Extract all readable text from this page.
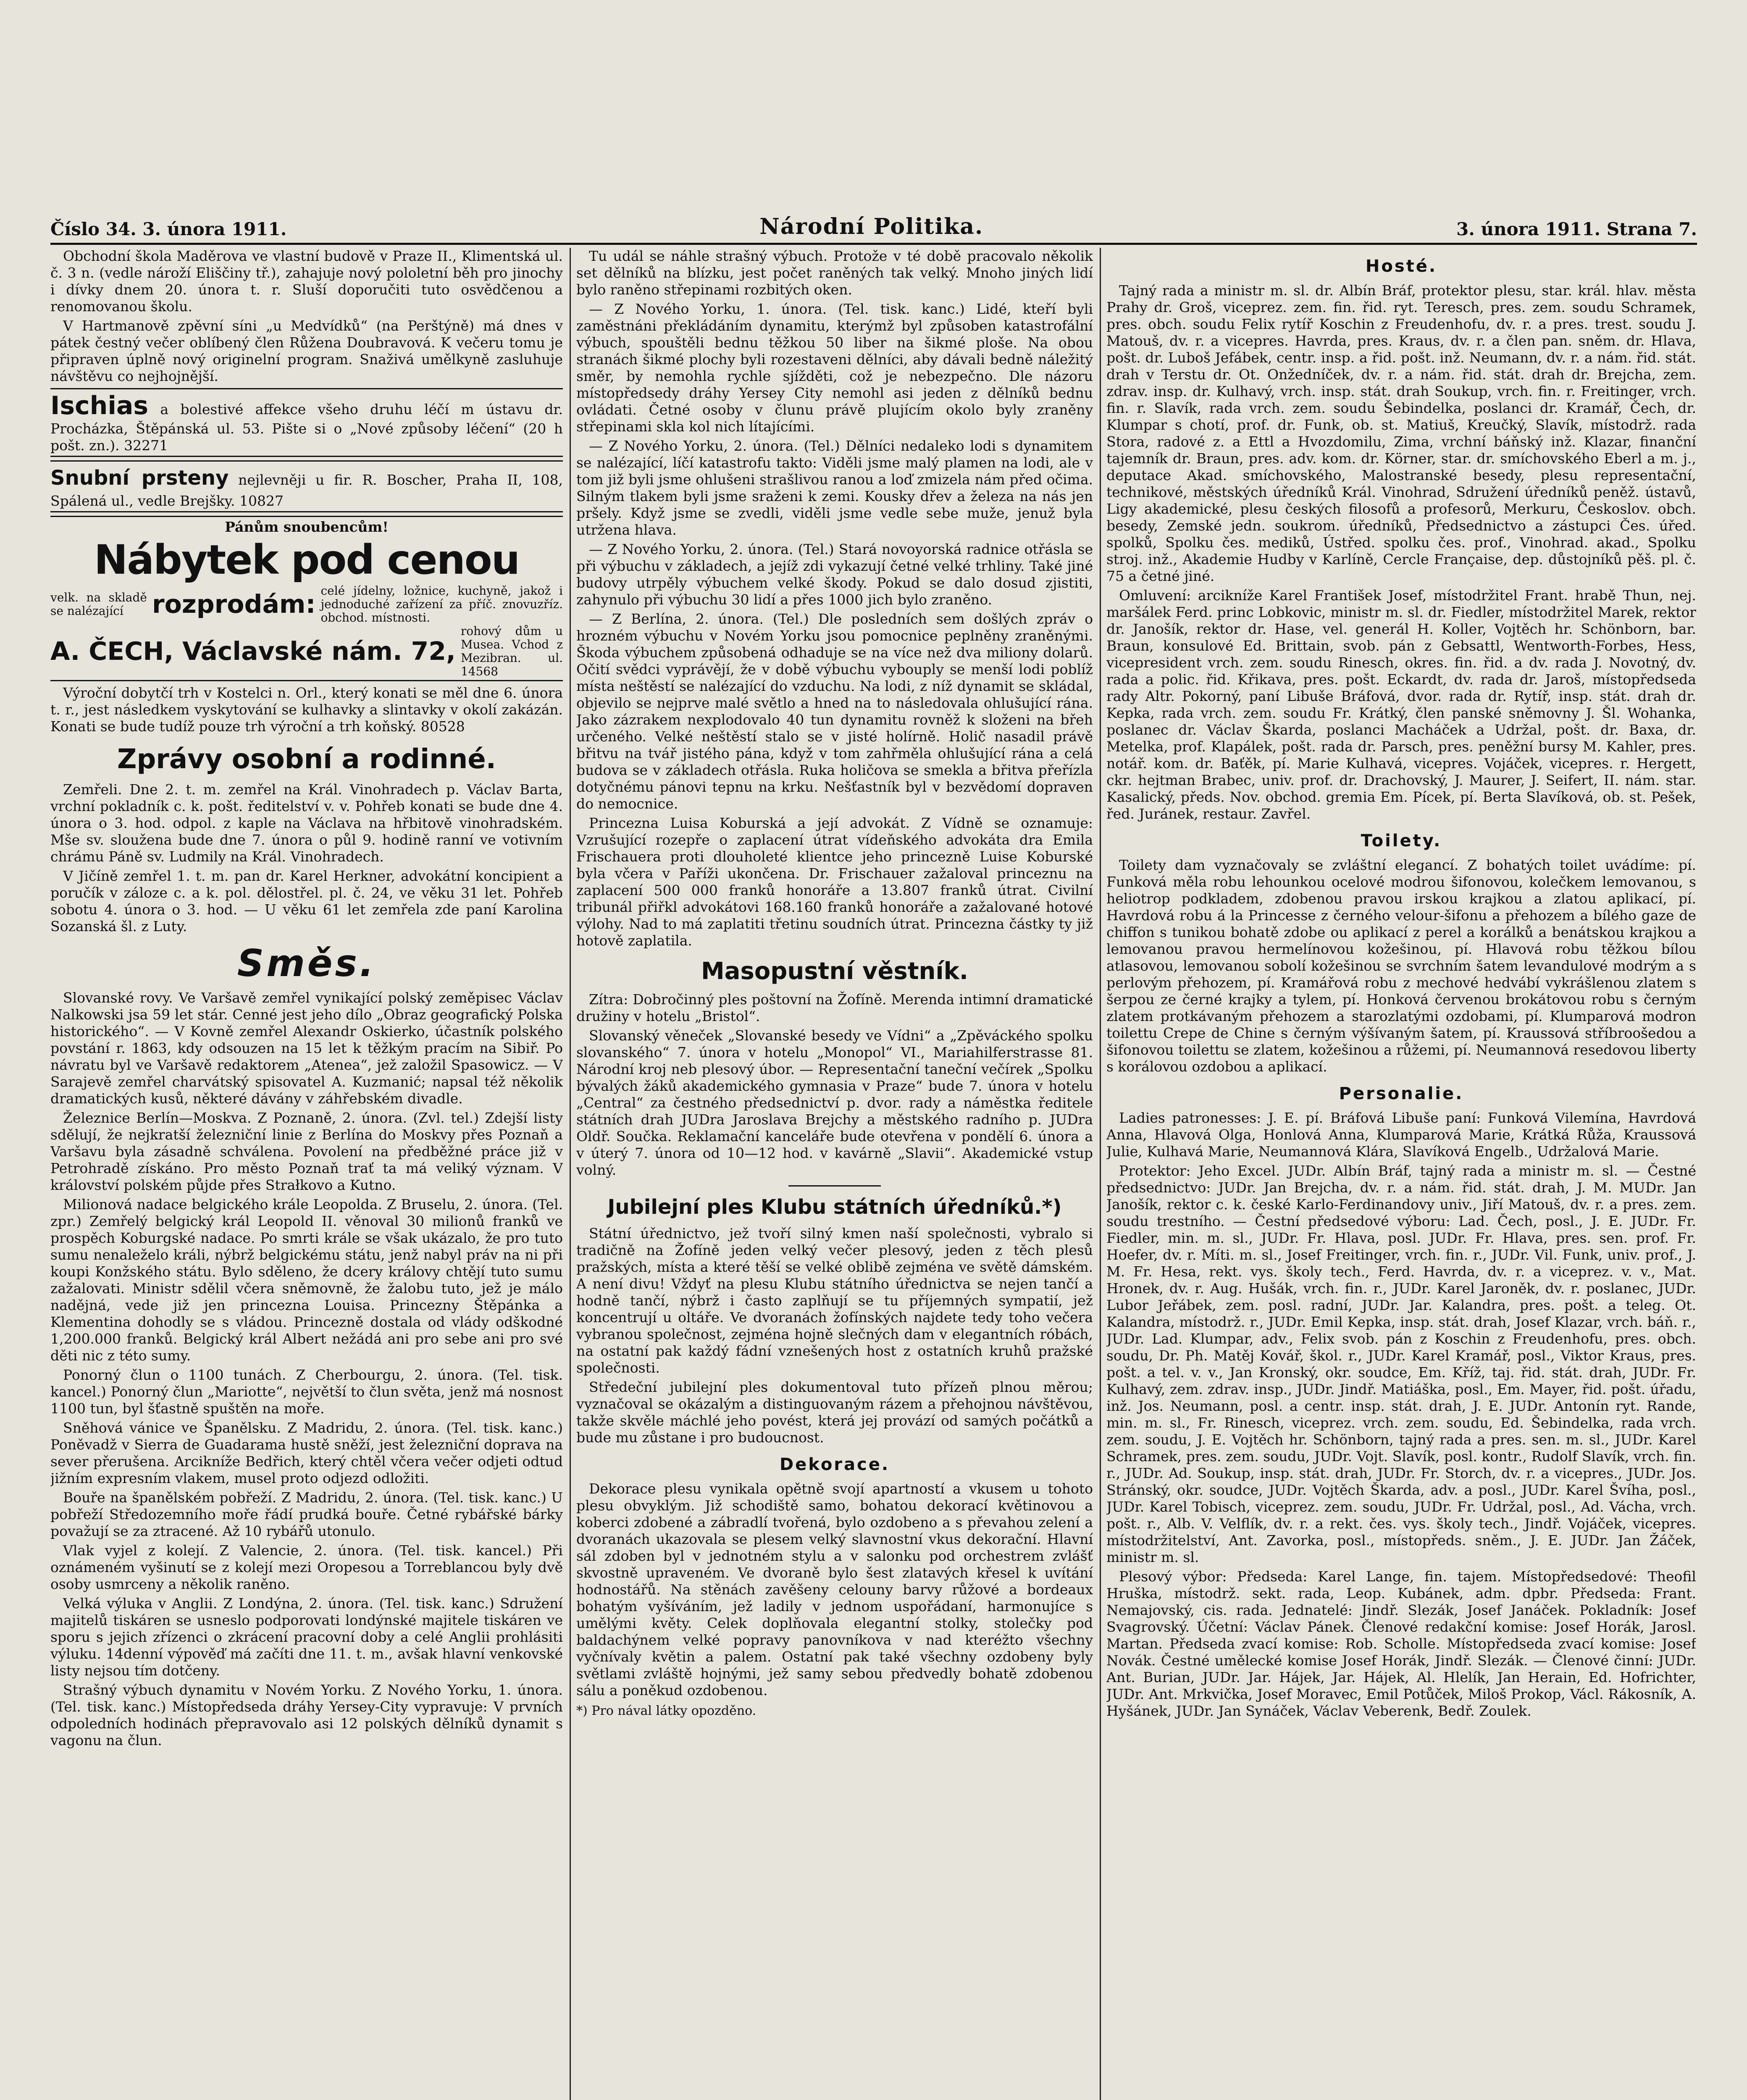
Číslo 34. 3. února 1911.	Národní Politika.	3. února 1911. Strana 7.

Obchodní škola Maděrova ve vlastní budově v Praze II., Klimentská ul. č. 3 n. (vedle nároží Eliščiny tř.), zahajuje nový pololetní běh pro jinochy i dívky dnem 20. února t. r. Sluší doporučiti tuto osvědčenou a renomovanou školu.

V Hartmanově zpěvní síni „u Medvídků“ (na Perštýně) má dnes v pátek čestný večer oblíbený člen Růžena Doubravová. K večeru tomu je připraven úplně nový originelní program. Snaživá umělkyně zasluhuje návštěvu co nejhojnější.

Ischias a bolestivé affekce všeho druhu léčí m ústavu dr. Procházka, Štěpánská ul. 53. Pište si o „Nové způsoby léčení“ (20 h pošt. zn.). 32271
Snubní prsteny nejlevněji u fir. R. Boscher, Praha II, 108, Spálená ul., vedle Brejšky. 10827
Pánům snoubencům!
Nábytek pod cenou
velk. na skladě se nalézající	rozprodám: celé jídelny, ložnice, kuchyně, jakož i jednoduché zařízení za příč. znovuzříz. obchod. místnosti.
A. ČECH, Václavské nám. 72,
rohový dům u Musea. Vchod z Mezibran. ul. 14568

Výroční dobytčí trh v Kostelci n. Orl., který konati se měl dne 6. února t. r., jest následkem vyskytování se kulhavky a slintavky v okolí zakázán. Konati se bude tudíž pouze trh výroční a trh koňský. 80528

Zprávy osobní a rodinné.

Zemřeli. Dne 2. t. m. zemřel na Král. Vinohradech p. Václav Barta, vrchní pokladník c. k. pošt. ředitelství v. v. Pohřeb konati se bude dne 4. února o 3. hod. odpol. z kaple na Václava na hřbitově vinohradském. Mše sv. sloužena bude dne 7. února o půl 9. hodině ranní ve votivním chrámu Páně sv. Ludmily na Král. Vinohradech.

V Jičíně zemřel 1. t. m. pan dr. Karel Herkner, advokátní koncipient a poručík v záloze c. a k. pol. dělostřel. pl. č. 24, ve věku 31 let. Pohřeb sobotu 4. února o 3. hod. — U věku 61 let zemřela zde paní Karolina Sozanská šl. z Luty.

Směs.

Slovanské rovy. Ve Varšavě zemřel vynikající polský zeměpisec Václav Nalkowski jsa 59 let stár. Cenné jest jeho dílo „Obraz geografický Polska historického“. — V Kovně zemřel Alexandr Oskierko, účastník polského povstání r. 1863, kdy odsouzen na 15 let k těžkým pracím na Sibiř. Po návratu byl ve Varšavě redaktorem „Atenea“, jež založil Spasowicz. — V Sarajevě zemřel charvátský spisovatel A. Kuzmanić; napsal též několik dramatických kusů, některé dávány v záhřebském divadle.

Železnice Berlín—Moskva. Z Poznaně, 2. února. (Zvl. tel.) Zdejší listy sdělují, že nejkratší železniční linie z Berlína do Moskvy přes Poznaň a Varšavu byla zásadně schválena. Povolení na předběžné práce již v Petrohradě získáno. Pro město Poznaň trať ta má veliký význam. V království polském půjde přes Strałkovo a Kutno.

Milionová nadace belgického krále Leopolda. Z Bruselu, 2. února. (Tel. zpr.) Zemřelý belgický král Leopold II. věnoval 30 milionů franků ve prospěch Koburgské nadace. Po smrti krále se však ukázalo, že pro tuto sumu nenaleželo králi, nýbrž belgickému státu, jenž nabyl práv na ni při koupi Konžského státu. Bylo sděleno, že dcery královy chtějí tuto sumu zažalovati. Ministr sdělil včera sněmovně, že žalobu tuto, jež je málo nadějná, vede již jen princezna Louisa. Princezny Štěpánka a Klementina dohodly se s vládou. Princezně dostala od vlády odškodné 1,200.000 franků. Belgický král Albert nežádá ani pro sebe ani pro své děti nic z této sumy.

Ponorný člun o 1100 tunách. Z Cherbourgu, 2. února. (Tel. tisk. kancel.) Ponorný člun „Mariotte“, největší to člun světa, jenž má nosnost 1100 tun, byl šťastně spuštěn na moře.

Sněhová vánice ve Španělsku. Z Madridu, 2. února. (Tel. tisk. kanc.) Poněvadž v Sierra de Guadarama hustě sněží, jest železniční doprava na sever přerušena. Arcikníže Bedřich, který chtěl včera večer odjeti odtud jižním expresním vlakem, musel proto odjezd odložiti.

Bouře na španělském pobřeží. Z Madridu, 2. února. (Tel. tisk. kanc.) U pobřeží Středozemního moře řádí prudká bouře. Četné rybářské bárky považují se za ztracené. Až 10 rybářů utonulo.

Vlak vyjel z kolejí. Z Valencie, 2. února. (Tel. tisk. kancel.) Při oznámeném vyšinutí se z kolejí mezi Oropesou a Torreblancou byly dvě osoby usmrceny a několik raněno.

Velká výluka v Anglii. Z Londýna, 2. února. (Tel. tisk. kanc.) Sdružení majitelů tiskáren se usneslo podporovati londýnské majitele tiskáren ve sporu s jejich zřízenci o zkrácení pracovní doby a celé Anglii prohlásiti výluku. 14denní výpověď má začíti dne 11. t. m., avšak hlavní venkovské listy nejsou tím dotčeny.

Strašný výbuch dynamitu v Novém Yorku. Z Nového Yorku, 1. února. (Tel. tisk. kanc.) Místopředseda dráhy Yersey-City vypravuje: V prvních odpoledních hodinách přepravovalo asi 12 polských dělníků dynamit s vagonu na člun.

Tu udál se náhle strašný výbuch. Protože v té době pracovalo několik set dělníků na blízku, jest počet raněných tak velký. Mnoho jiných lidí bylo raněno střepinami rozbitých oken.

— Z Nového Yorku, 1. února. (Tel. tisk. kanc.) Lidé, kteří byli zaměstnáni překládáním dynamitu, kterýmž byl způsoben katastrofální výbuch, spouštěli bednu těžkou 50 liber na šikmé ploše. Na obou stranách šikmé plochy byli rozestaveni dělníci, aby dávali bedně náležitý směr, by nemohla rychle sjížděti, což je nebezpečno. Dle názoru místopředsedy dráhy Yersey City nemohl asi jeden z dělníků bednu ovládati. Četné osoby v člunu právě plujícím okolo byly zraněny střepinami skla kol nich lítajícími.

— Z Nového Yorku, 2. února. (Tel.) Dělníci nedaleko lodi s dynamitem se nalézající, líčí katastrofu takto: Viděli jsme malý plamen na lodi, ale v tom již byli jsme ohlušeni strašlivou ranou a loď zmizela nám před očima. Silným tlakem byli jsme sraženi k zemi. Kousky dřev a železa na nás jen pršely. Když jsme se zvedli, viděli jsme vedle sebe muže, jenuž byla utržena hlava.

— Z Nového Yorku, 2. února. (Tel.) Stará novoyorská radnice otřásla se při výbuchu v základech, a jejíž zdi vykazují četné velké trhliny. Také jiné budovy utrpěly výbuchem velké škody. Pokud se dalo dosud zjistiti, zahynulo při výbuchu 30 lidí a přes 1000 jich bylo zraněno.

— Z Berlína, 2. února. (Tel.) Dle posledních sem došlých zpráv o hrozném výbuchu v Novém Yorku jsou pomocnice peplněny zraněnými. Škoda výbuchem způsobená odhaduje se na více než dva miliony dolarů. Očití svědci vyprávějí, že v době výbuchu vybouply se menší lodi poblíž místa neštěstí se nalézající do vzduchu. Na lodi, z níž dynamit se skládal, objevilo se nejprve malé světlo a hned na to následovala ohlušující rána. Jako zázrakem nexplodovalo 40 tun dynamitu rovněž k složeni na břeh určeného. Velké neštěstí stalo se v jisté holírně. Holič nasadil právě břitvu na tvář jistého pána, když v tom zahřměla ohlušující rána a celá budova se v základech otřásla. Ruka holičova se smekla a břitva přeřízla dotyčnému pánovi tepnu na krku. Nešťastník byl v bezvědomí dopraven do nemocnice.

Princezna Luisa Koburská a její advokát. Z Vídně se oznamuje: Vzrušující rozepře o zaplacení útrat vídeňského advokáta dra Emila Frischauera proti dlouholeté klientce jeho princezně Luise Koburské byla včera v Paříži ukončena. Dr. Frischauer zažaloval princeznu na zaplacení 500 000 franků honoráře a 13.807 franků útrat. Civilní tribunál přiřkl advokátovi 168.160 franků honoráře a zažalované hotové výlohy. Nad to má zaplatiti třetinu soudních útrat. Princezna částky ty již hotově zaplatila.

Masopustní věstník.

Zítra: Dobročinný ples poštovní na Žofíně. Merenda intimní dramatické družiny v hotelu „Bristol“.

Slovanský věneček „Slovanské besedy ve Vídni“ a „Zpěváckého spolku slovanského“ 7. února v hotelu „Monopol“ VI., Mariahilferstrasse 81. Národní kroj neb plesový úbor. — Representační taneční večírek „Spolku bývalých žáků akademického gymnasia v Praze“ bude 7. února v hotelu „Central“ za čestného předsednictví p. dvor. rady a náměstka ředitele státních drah JUDra Jaroslava Brejchy a městského radního p. JUDra Oldř. Součka. Reklamační kanceláře bude otevřena v pondělí 6. února a v úterý 7. února od 10—12 hod. v kavárně „Slavii“. Akademické vstup volný.

Jubilejní ples Klubu státních úředníků.*)

Státní úřednictvo, jež tvoří silný kmen naší společnosti, vybralo si tradičně na Žofíně jeden velký večer plesový, jeden z těch plesů pražských, místa a které těší se velké oblibě zejména ve světě dámském. A není divu! Vždyť na plesu Klubu státního úřednictva se nejen tančí a hodně tančí, nýbrž i často zaplňují se tu příjemných sympatií, jež koncentrují u oltáře. Ve dvoranách žofínských najdete tedy toho večera vybranou společnost, zejména hojně slečných dam v elegantních róbách, na ostatní pak každý fádní vznešených host z ostatních kruhů pražské společnosti.

Středeční jubilejní ples dokumentoval tuto přízeň plnou měrou; vyznačoval se okázalým a distinguovaným rázem a přehojnou návštěvou, takže skvěle máchlé jeho povést, která jej provází od samých počátků a bude mu zůstane i pro budoucnost.

Dekorace.

Dekorace plesu vynikala opětně svojí apartností a vkusem u tohoto plesu obvyklým. Již schodiště samo, bohatou dekorací květinovou a koberci zdobené a zábradlí tvořená, bylo ozdobeno a s převahou zelení a dvoranách ukazovala se plesem velký slavnostní vkus dekorační. Hlavní sál zdoben byl v jednotném stylu a v salonku pod orchestrem zvlášť skvostně upraveném. Ve dvoraně bylo šest zlatavých křesel k uvítání hodnostářů. Na stěnách zavěšeny celouny barvy růžové a bordeaux bohatým vyšíváním, jež ladily v jednom uspořádaní, harmonujíce s umělými květy. Celek doplňovala elegantní stolky, stolečky pod baldachýnem velké popravy panovníkova v nad kteréžto všechny vyčnívaly květin a palem. Ostatní pak také všechny ozdobeny byly světlami zvláště hojnými, jež samy sebou předvedly bohatě zdobenou sálu a poněkud ozdobenou.

*) Pro nával látky opozděno.
Hosté.

Tajný rada a ministr m. sl. dr. Albín Bráf, protektor plesu, star. král. hlav. města Prahy dr. Groš, viceprez. zem. fin. řid. ryt. Teresch, pres. zem. soudu Schramek, pres. obch. soudu Felix rytíř Koschin z Freudenhofu, dv. r. a pres. trest. soudu J. Matouš, dv. r. a vicepres. Havrda, pres. Kraus, dv. r. a člen pan. sněm. dr. Hlava, pošt. dr. Luboš Jefábek, centr. insp. a řid. pošt. inž. Neumann, dv. r. a nám. řid. stát. drah v Terstu dr. Ot. Onžedníček, dv. r. a nám. řid. stát. drah dr. Brejcha, zem. zdrav. insp. dr. Kulhavý, vrch. insp. stát. drah Soukup, vrch. fin. r. Freitinger, vrch. fin. r. Slavík, rada vrch. zem. soudu Šebindelka, poslanci dr. Kramář, Čech, dr. Klumpar s chotí, prof. dr. Funk, ob. st. Matiuš, Kreučký, Slavík, místodrž. rada Stora, radové z. a Ettl a Hvozdomilu, Zima, vrchní báňský inž. Klazar, finanční tajemník dr. Braun, pres. adv. kom. dr. Körner, star. dr. smíchovského Eberl a m. j., deputace Akad. smíchovského, Malostranské besedy, plesu representační, technikové, městských úředníků Král. Vinohrad, Sdružení úředníků peněž. ústavů, Ligy akademické, plesu českých filosofů a profesorů, Merkuru, Českoslov. obch. besedy, Zemské jedn. soukrom. úředníků, Předsednictvo a zástupci Čes. úřed. spolků, Spolku čes. mediků, Ústřed. spolku čes. prof., Vinohrad. akad., Spolku stroj. inž., Akademie Hudby v Karlíně, Cercle Française, dep. důstojníků pěš. pl. č. 75 a četné jiné.

Omluvení: arcikníže Karel František Josef, místodržitel Frant. hrabě Thun, nej. maršálek Ferd. princ Lobkovic, ministr m. sl. dr. Fiedler, místodržitel Marek, rektor dr. Janošík, rektor dr. Hase, vel. generál H. Koller, Vojtěch hr. Schönborn, bar. Braun, konsulové Ed. Brittain, svob. pán z Gebsattl, Wentworth-Forbes, Hess, vicepresident vrch. zem. soudu Rinesch, okres. fin. řid. a dv. rada J. Novotný, dv. rada a polic. řid. Křikava, pres. pošt. Eckardt, dv. rada dr. Jaroš, místopředseda rady Altr. Pokorný, paní Libuše Bráfová, dvor. rada dr. Rytíř, insp. stát. drah dr. Kepka, rada vrch. zem. soudu Fr. Krátký, člen panské sněmovny J. Šl. Wohanka, poslanec dr. Václav Škarda, poslanci Macháček a Udržal, pošt. dr. Baxa, dr. Metelka, prof. Klapálek, pošt. rada dr. Parsch, pres. peněžní bursy M. Kahler, pres. notář. kom. dr. Baťěk, pí. Marie Kulhavá, vicepres. Vojáček, vicepres. r. Hergett, ckr. hejtman Brabec, univ. prof. dr. Drachovský, J. Maurer, J. Seifert, II. nám. star. Kasalický, předs. Nov. obchod. gremia Em. Pícek, pí. Berta Slavíková, ob. st. Pešek, řed. Juránek, restaur. Zavřel.

Toilety.

Toilety dam vyznačovaly se zvláštní elegancí. Z bohatých toilet uvádíme: pí. Funková měla robu lehounkou ocelové modrou šifonovou, kolečkem lemovanou, s heliotrop podkladem, zdobenou pravou irskou krajkou a zlatou aplikací, pí. Havrdová robu á la Princesse z černého velour-šifonu a přehozem a bílého gaze de chiffon s tunikou bohatě zdobe ou aplikací z perel a korálků a benátskou krajkou a lemovanou pravou hermelínovou kožešinou, pí. Hlavová robu těžkou bílou atlasovou, lemovanou sobolí kožešinou se svrchním šatem levandulové modrým a s perlovým přehozem, pí. Kramářová robu z mechové hedvábí vykrášlenou zlatem s šerpou ze černé krajky a tylem, pí. Honková červenou brokátovou robu s černým zlatem protkávaným přehozem a starozlatými ozdobami, pí. Klumparová modron toilettu Crepe de Chine s černým výšívaným šatem, pí. Kraussová stříbroošedou a šifonovou toilettu se zlatem, kožešinou a růžemi, pí. Neumannová resedovou liberty s korálovou ozdobou a aplikací.

Personalie.

Ladies patronesses: J. E. pí. Bráfová Libuše paní: Funková Vilemína, Havrdová Anna, Hlavová Olga, Honlová Anna, Klumparová Marie, Krátká Růža, Kraussová Julie, Kulhavá Marie, Neumannová Klára, Slavíková Engelb., Udržalová Marie.

Protektor: Jeho Excel. JUDr. Albín Bráf, tajný rada a ministr m. sl. — Čestné předsednictvo: JUDr. Jan Brejcha, dv. r. a nám. řid. stát. drah, J. M. MUDr. Jan Janošík, rektor c. k. české Karlo-Ferdinandovy univ., Jiří Matouš, dv. r. a pres. zem. soudu trestního. — Čestní předsedové výboru: Lad. Čech, posl., J. E. JUDr. Fr. Fiedler, min. m. sl., JUDr. Fr. Hlava, posl. JUDr. Fr. Hlava, pres. sen. prof. Fr. Hoefer, dv. r. Míti. m. sl., Josef Freitinger, vrch. fin. r., JUDr. Vil. Funk, univ. prof., J. M. Fr. Hesa, rekt. vys. školy tech., Ferd. Havrda, dv. r. a viceprez. v. v., Mat. Hronek, dv. r. Aug. Hušák, vrch. fin. r., JUDr. Karel Jaroněk, dv. r. poslanec, JUDr. Lubor Jeřábek, zem. posl. radní, JUDr. Jar. Kalandra, pres. pošt. a teleg. Ot. Kalandra, místodrž. r., JUDr. Emil Kepka, insp. stát. drah, Josef Klazar, vrch. báň. r., JUDr. Lad. Klumpar, adv., Felix svob. pán z Koschin z Freudenhofu, pres. obch. soudu, Dr. Ph. Matěj Kovář, škol. r., JUDr. Karel Kramář, posl., Viktor Kraus, pres. pošt. a tel. v. v., Jan Kronský, okr. soudce, Em. Kříž, taj. řid. stát. drah, JUDr. Fr. Kulhavý, zem. zdrav. insp., JUDr. Jindř. Matiáška, posl., Em. Mayer, řid. pošt. úřadu, inž. Jos. Neumann, posl. a centr. insp. stát. drah, J. E. JUDr. Antonín ryt. Rande, min. m. sl., Fr. Rinesch, viceprez. vrch. zem. soudu, Ed. Šebindelka, rada vrch. zem. soudu, J. E. Vojtěch hr. Schönborn, tajný rada a pres. sen. m. sl., JUDr. Karel Schramek, pres. zem. soudu, JUDr. Vojt. Slavík, posl. kontr., Rudolf Slavík, vrch. fin. r., JUDr. Ad. Soukup, insp. stát. drah, JUDr. Fr. Storch, dv. r. a vicepres., JUDr. Jos. Stránský, okr. soudce, JUDr. Vojtěch Škarda, adv. a posl., JUDr. Karel Švíha, posl., JUDr. Karel Tobisch, viceprez. zem. soudu, JUDr. Fr. Udržal, posl., Ad. Vácha, vrch. pošt. r., Alb. V. Velflík, dv. r. a rekt. čes. vys. školy tech., Jindř. Vojáček, vicepres. místodržitelství, Ant. Zavorka, posl., místopředs. sněm., J. E. JUDr. Jan Žáček, ministr m. sl.

Plesový výbor: Předseda: Karel Lange, fin. tajem. Místopředsedové: Theofil Hruška, místodrž. sekt. rada, Leop. Kubánek, adm. dpbr. Předseda: Frant. Nemajovský, cis. rada. Jednatelé: Jindř. Slezák, Josef Janáček. Pokladník: Josef Svagrovský. Účetní: Václav Pánek. Členové redakční komise: Josef Horák, Jarosl. Martan. Předseda zvací komise: Rob. Scholle. Místopředseda zvací komise: Josef Novák. Čestné umělecké komise Josef Horák, Jindř. Slezák. — Členové činní: JUDr. Ant. Burian, JUDr. Jar. Hájek, Jar. Hájek, Al. Hlelík, Jan Herain, Ed. Hofrichter, JUDr. Ant. Mrkvička, Josef Moravec, Emil Potůček, Miloš Prokop, Václ. Rákosník, A. Hyšánek, JUDr. Jan Synáček, Václav Veberenk, Bedř. Zoulek.
